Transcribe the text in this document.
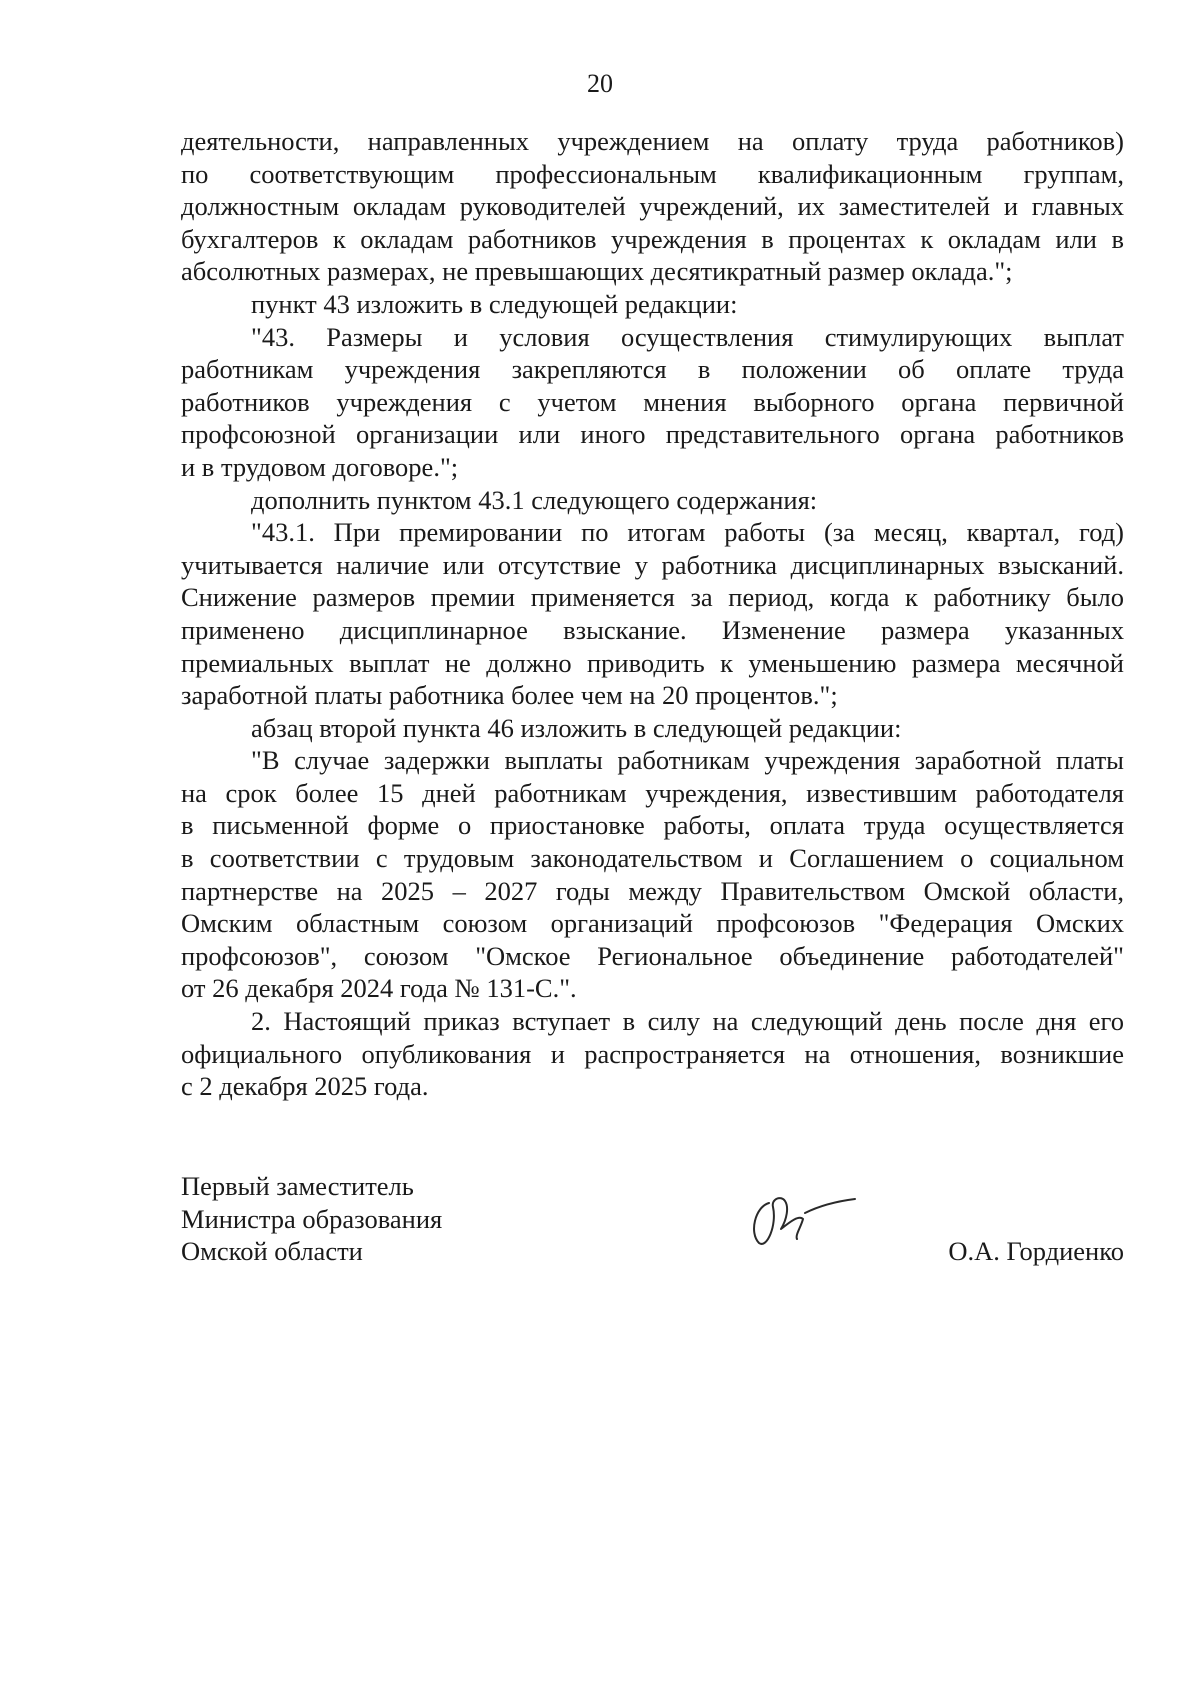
20
деятельности, направленных учреждением на оплату труда работников)
по соответствующим профессиональным квалификационным группам,
должностным окладам руководителей учреждений, их заместителей и главных
бухгалтеров к окладам работников учреждения в процентах к окладам или в
абсолютных размерах, не превышающих десятикратный размер оклада.";
пункт 43 изложить в следующей редакции:
"43. Размеры и условия осуществления стимулирующих выплат
работникам учреждения закрепляются в положении об оплате труда
работников учреждения с учетом мнения выборного органа первичной
профсоюзной организации или иного представительного органа работников
и в трудовом договоре.";
дополнить пунктом 43.1 следующего содержания:
"43.1. При премировании по итогам работы (за месяц, квартал, год)
учитывается наличие или отсутствие у работника дисциплинарных взысканий.
Снижение размеров премии применяется за период, когда к работнику было
применено дисциплинарное взыскание. Изменение размера указанных
премиальных выплат не должно приводить к уменьшению размера месячной
заработной платы работника более чем на 20 процентов.";
абзац второй пункта 46 изложить в следующей редакции:
"В случае задержки выплаты работникам учреждения заработной платы
на срок более 15 дней работникам учреждения, известившим работодателя
в письменной форме о приостановке работы, оплата труда осуществляется
в соответствии с трудовым законодательством и Соглашением о социальном
партнерстве на 2025 – 2027 годы между Правительством Омской области,
Омским областным союзом организаций профсоюзов "Федерация Омских
профсоюзов", союзом "Омское Региональное объединение работодателей"
от 26 декабря 2024 года № 131-С.".
2. Настоящий приказ вступает в силу на следующий день после дня его
официального опубликования и распространяется на отношения, возникшие
с 2 декабря 2025 года.
Первый заместитель
Министра образования
Омской области	О.А. Гордиенко
